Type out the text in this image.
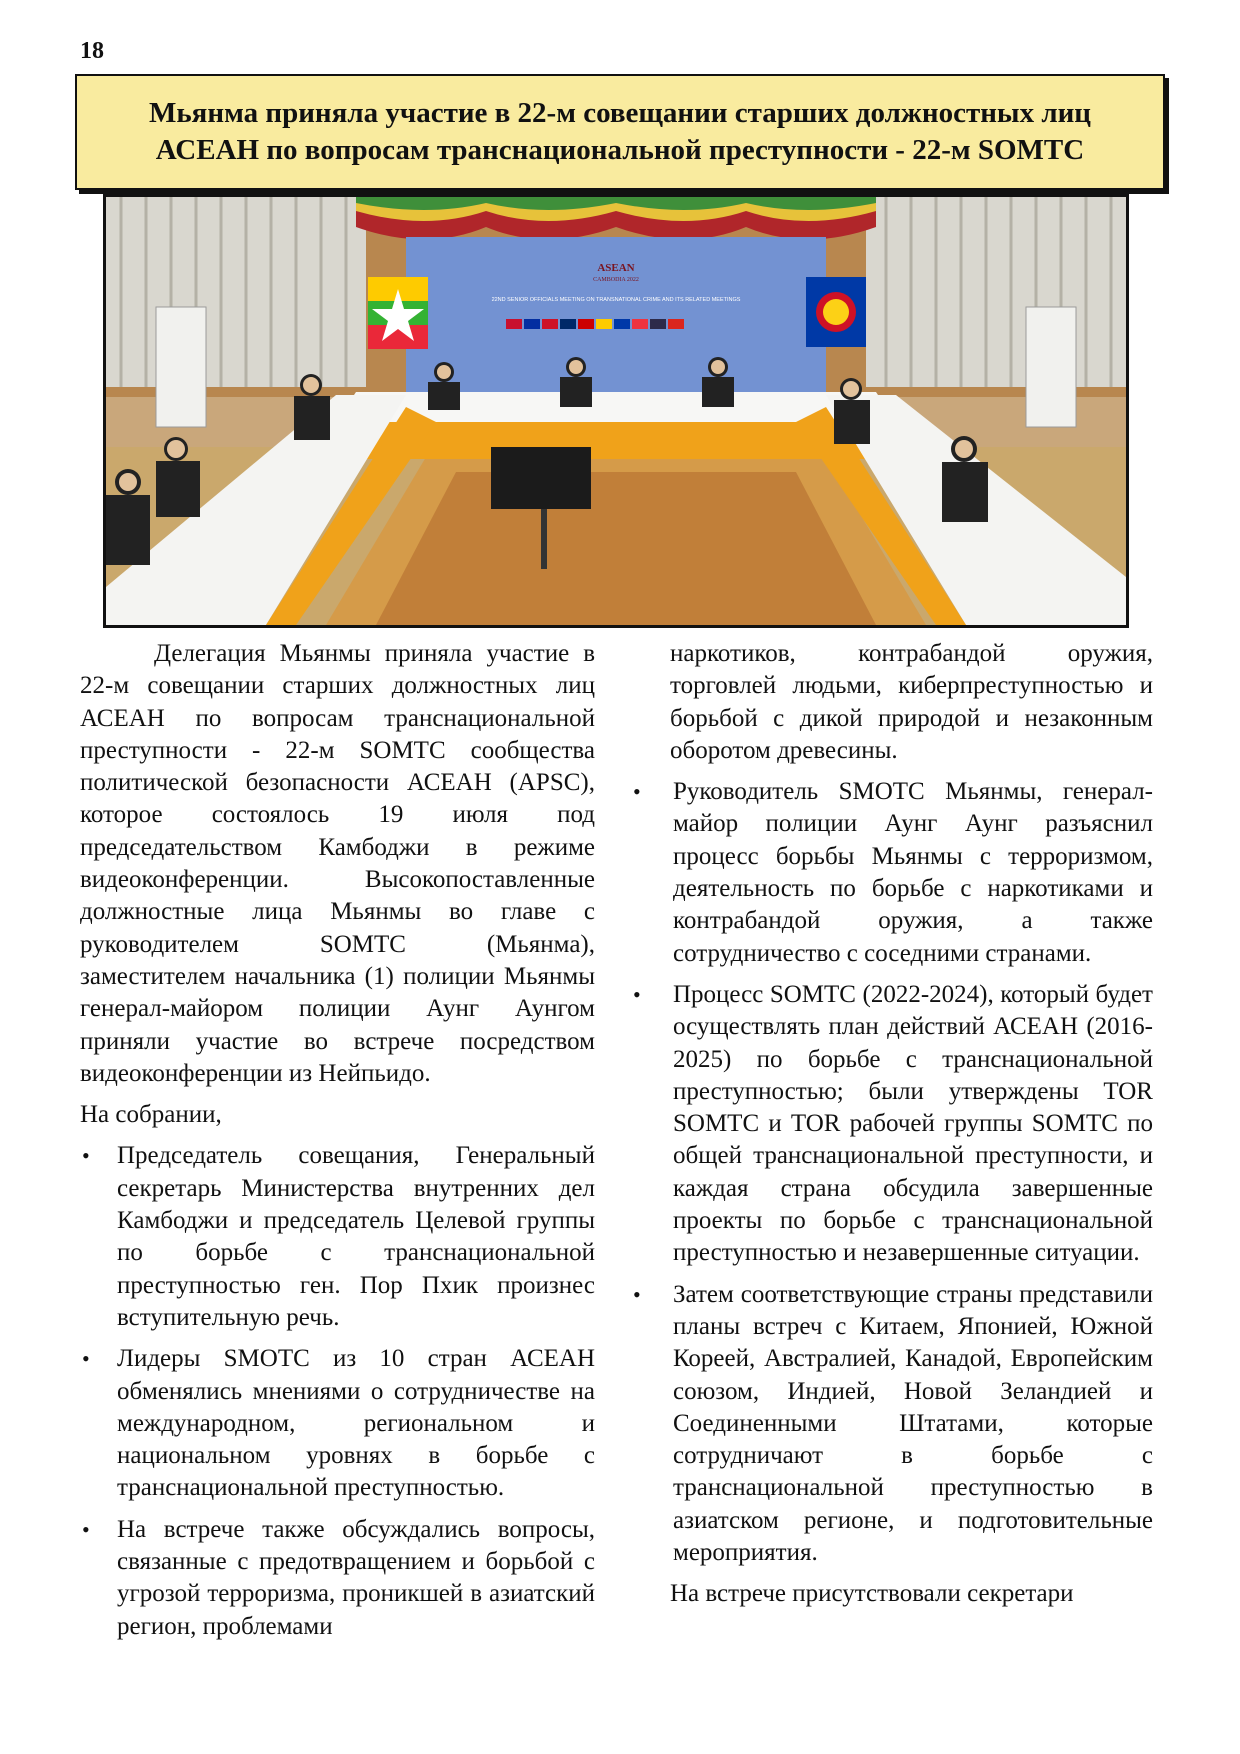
18
Мьянма приняла участие в 22-м совещании старших должностных лиц АСЕАН по вопросам транснациональной преступности - 22-м SOMTC
ASEAN
CAMBODIA 2022
22ND SENIOR OFFICIALS MEETING ON TRANSNATIONAL CRIME AND ITS RELATED MEETINGS

Делегация Мьянмы приняла участие в 22-м совещании старших должностных лиц АСЕАН по вопросам транснациональной преступности - 22-м SOMTC сообщества политической безопасности АСЕАН (APSC), которое состоялось 19 июля под председательством Камбоджи в режиме видеоконференции. Высокопоставленные должностные лица Мьянмы во главе с руководителем SOMTC (Мьянма), заместителем начальника (1) полиции Мьянмы генерал-майором полиции Аунг Аунгом приняли участие во встрече посредством видеоконференции из Нейпьидо.

На собрании,

• Председатель совещания, Генеральный секретарь Министерства внутренних дел Камбоджи и председатель Целевой группы по борьбе с транснациональной преступностью ген. Пор Пхик произнес вступительную речь.
• Лидеры SMOTC из 10 стран АСЕАН обменялись мнениями о сотрудничестве на международном, региональном и национальном уровнях в борьбе с транснациональной преступностью.
• На встрече также обсуждались вопросы, связанные с предотвращением и борьбой с угрозой терроризма, проникшей в азиатский регион, проблемами

наркотиков, контрабандой оружия, торговлей людьми, киберпреступностью и борьбой с дикой природой и незаконным оборотом древесины.

• Руководитель SMOTC Мьянмы, генерал-майор полиции Аунг Аунг разъяснил процесс борьбы Мьянмы с терроризмом, деятельность по борьбе с наркотиками и контрабандой оружия, а также сотрудничество с соседними странами.
• Процесс SOMTC (2022-2024), который будет осуществлять план действий АСЕАН (2016-2025) по борьбе с транснациональной преступностью; были утверждены TOR SOMTC и TOR рабочей группы SOMTC по общей транснациональной преступности, и каждая страна обсудила завершенные проекты по борьбе с транснациональной преступностью и незавершенные ситуации.
• Затем соответствующие страны представили планы встреч с Китаем, Японией, Южной Кореей, Австралией, Канадой, Европейским союзом, Индией, Новой Зеландией и Соединенными Штатами, которые сотрудничают в борьбе с транснациональной преступностью в азиатском регионе, и подготовительные мероприятия.

На встрече присутствовали секретари
